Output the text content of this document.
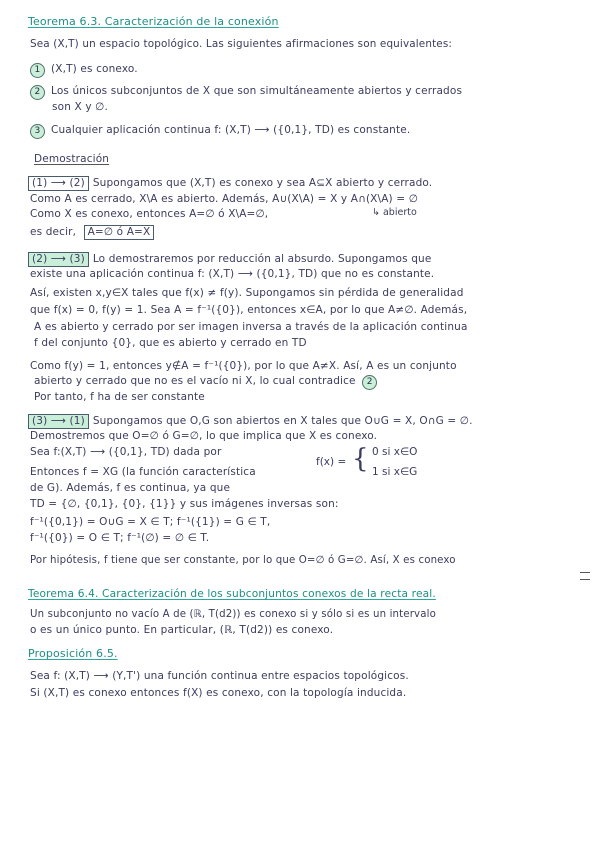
Teorema 6.3. Caracterización de la conexión
Sea (X,T) un espacio topológico. Las siguientes afirmaciones son equivalentes:
1 (X,T) es conexo.
2 Los únicos subconjuntos de X que son simultáneamente abiertos y cerrados
son X y ∅.
3 Cualquier aplicación continua f: (X,T) ⟶ ({0,1}, TD) es constante.
Demostración
(1) ⟶ (2) Supongamos que (X,T) es conexo y sea A⊆X abierto y cerrado.
Como A es cerrado, X\A es abierto. Además, A∪(X\A) = X y A∩(X\A) = ∅
Como X es conexo, entonces A=∅ ó X\A=∅,	↳ abierto
es decir, A=∅ ó A=X
(2) ⟶ (3) Lo demostraremos por reducción al absurdo. Supongamos que
existe una aplicación continua f: (X,T) ⟶ ({0,1}, TD) que no es constante.
Así, existen x,y∈X tales que f(x) ≠ f(y). Supongamos sin pérdida de generalidad
que f(x) = 0, f(y) = 1. Sea A = f⁻¹({0}), entonces x∈A, por lo que A≠∅. Además,
A es abierto y cerrado por ser imagen inversa a través de la aplicación continua
f del conjunto {0}, que es abierto y cerrado en TD
Como f(y) = 1, entonces y∉A = f⁻¹({0}), por lo que A≠X. Así, A es un conjunto
abierto y cerrado que no es el vacío ni X, lo cual contradice 2
Por tanto, f ha de ser constante
(3) ⟶ (1) Supongamos que O,G son abiertos en X tales que O∪G = X, O∩G = ∅.
Demostremos que O=∅ ó G=∅, lo que implica que X es conexo.
Sea f:(X,T) ⟶ ({0,1}, TD) dada por
f(x) = { 0 si x∈O
1 si x∈G
Entonces f = XG (la función característica
de G). Además, f es continua, ya que
TD = {∅, {0,1}, {0}, {1}} y sus imágenes inversas son:
f⁻¹({0,1}) = O∪G = X ∈ T; f⁻¹({1}) = G ∈ T,
f⁻¹({0}) = O ∈ T; f⁻¹(∅) = ∅ ∈ T.
Por hipótesis, f tiene que ser constante, por lo que O=∅ ó G=∅. Así, X es conexo
Teorema 6.4. Caracterización de los subconjuntos conexos de la recta real.
Un subconjunto no vacío A de (ℝ, T(d2)) es conexo si y sólo si es un intervalo
o es un único punto. En particular, (ℝ, T(d2)) es conexo.
Proposición 6.5.
Sea f: (X,T) ⟶ (Y,T') una función continua entre espacios topológicos.
Si (X,T) es conexo entonces f(X) es conexo, con la topología inducida.
